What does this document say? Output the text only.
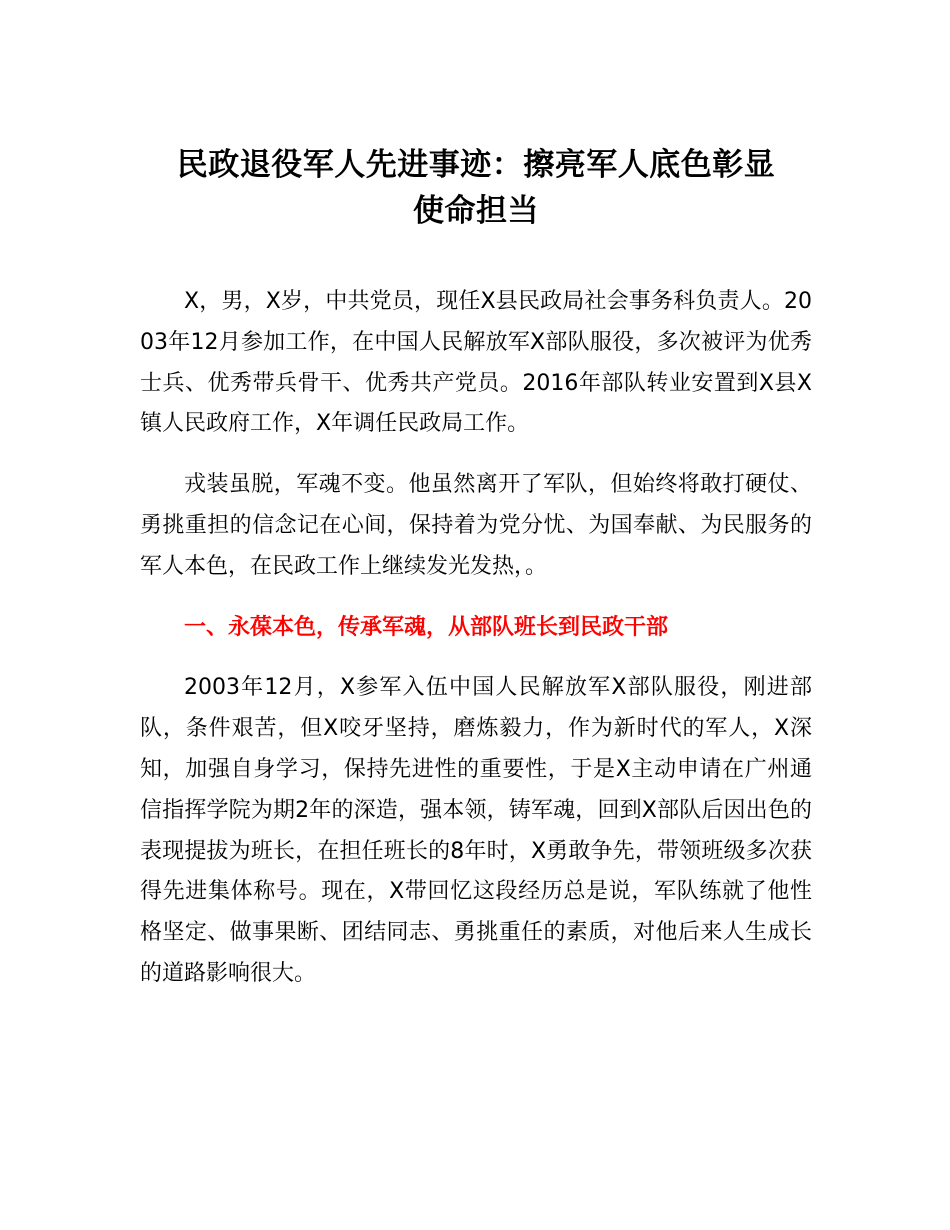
民政退役军人先进事迹：擦亮军人底色彰显
使命担当

X，男，X岁，中共党员，现任X县民政局社会事务科负责人。2003年12月参加工作，在中国人民解放军X部队服役，多次被评为优秀士兵、优秀带兵骨干、优秀共产党员。2016年部队转业安置到X县X镇人民政府工作，X年调任民政局工作。

戎装虽脱，军魂不变。他虽然离开了军队，但始终将敢打硬仗、勇挑重担的信念记在心间，保持着为党分忧、为国奉献、为民服务的军人本色，在民政工作上继续发光发热，。

一、永葆本色，传承军魂，从部队班长到民政干部

2003年12月，X参军入伍中国人民解放军X部队服役，刚进部队，条件艰苦，但X咬牙坚持，磨炼毅力，作为新时代的军人，X深知，加强自身学习，保持先进性的重要性，于是X主动申请在广州通信指挥学院为期2年的深造，强本领，铸军魂，回到X部队后因出色的表现提拔为班长，在担任班长的8年时，X勇敢争先，带领班级多次获得先进集体称号。现在，X带回忆这段经历总是说，军队练就了他性格坚定、做事果断、团结同志、勇挑重任的素质，对他后来人生成长的道路影响很大。
